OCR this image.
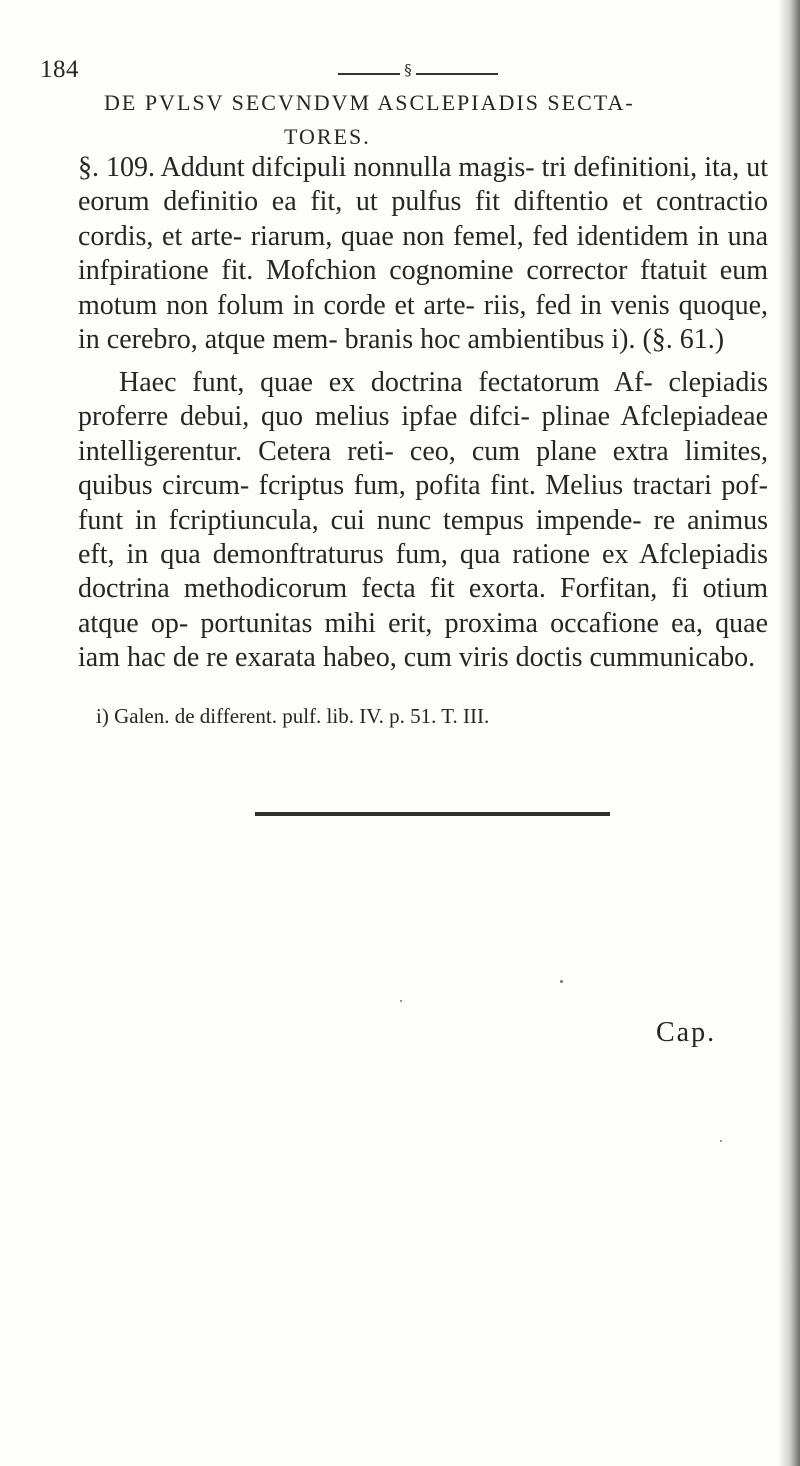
184	§
DE PVLSV SECVNDVM ASCLEPIADIS SECTA-
TORES.

§. 109. Addunt difcipuli nonnulla magis- tri definitioni, ita, ut eorum definitio ea fit, ut pulfus fit diftentio et contractio cordis, et arte- riarum, quae non femel, fed identidem in una infpiratione fit. Mofchion cognomine corrector ftatuit eum motum non folum in corde et arte- riis, fed in venis quoque, in cerebro, atque mem- branis hoc ambientibus i). (§. 61.)

Haec funt, quae ex doctrina fectatorum Af- clepiadis proferre debui, quo melius ipfae difci- plinae Afclepiadeae intelligerentur. Cetera reti- ceo, cum plane extra limites, quibus circum- fcriptus fum, pofita fint. Melius tractari pof- funt in fcriptiuncula, cui nunc tempus impende- re animus eft, in qua demonftraturus fum, qua ratione ex Afclepiadis doctrina methodicorum fecta fit exorta. Forfitan, fi otium atque op- portunitas mihi erit, proxima occafione ea, quae iam hac de re exarata habeo, cum viris doctis cummunicabo.

i) Galen. de different. pulf. lib. IV. p. 51. T. III.
Cap.
